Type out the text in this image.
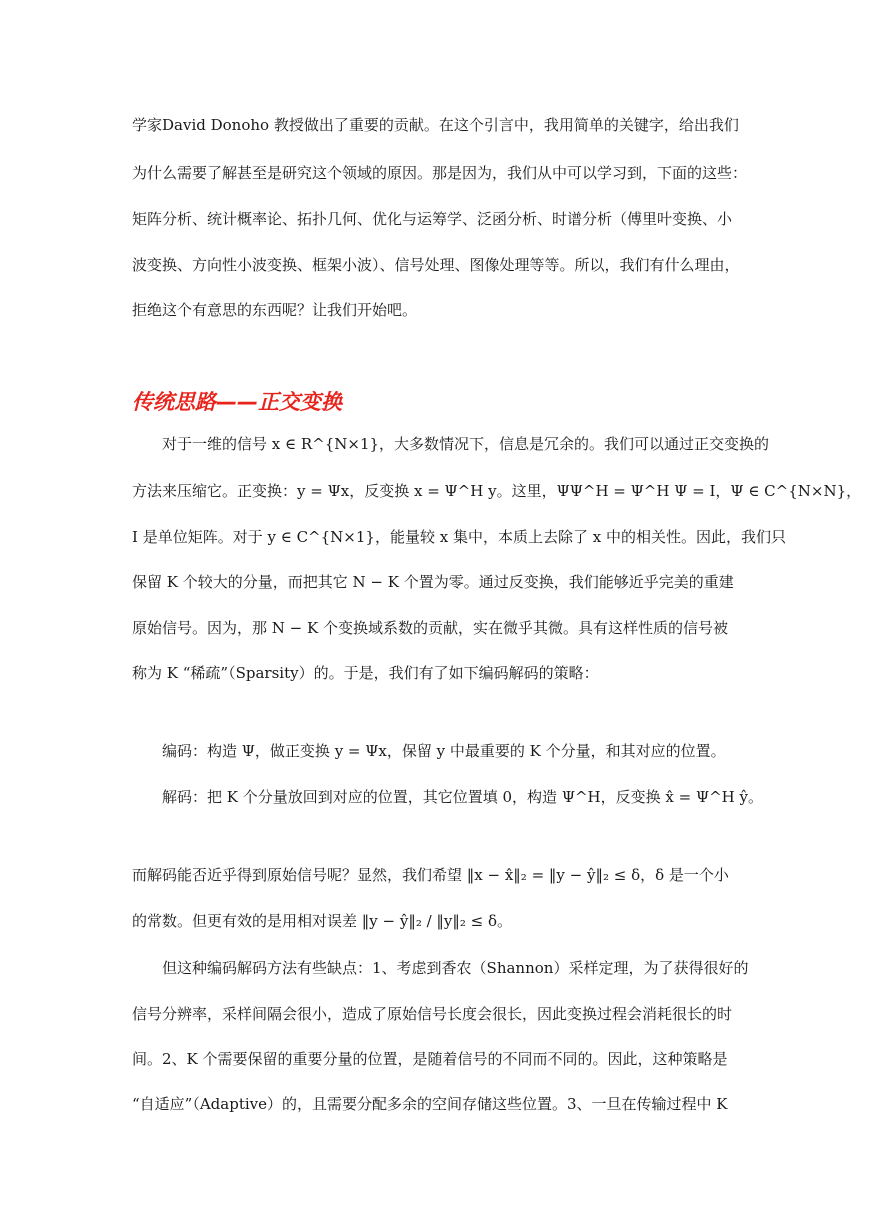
学家David Donoho 教授做出了重要的贡献。在这个引言中，我用简单的关键字，给出我们
为什么需要了解甚至是研究这个领域的原因。那是因为，我们从中可以学习到，下面的这些：
矩阵分析、统计概率论、拓扑几何、优化与运筹学、泛函分析、时谱分析（傅里叶变换、小
波变换、方向性小波变换、框架小波）、信号处理、图像处理等等。所以，我们有什么理由，
拒绝这个有意思的东西呢？让我们开始吧。
传统思路——正交变换
对于一维的信号 x ∈ R^{N×1}，大多数情况下，信息是冗余的。我们可以通过正交变换的
方法来压缩它。正变换：y = Ψx，反变换 x = Ψ^H y。这里，ΨΨ^H = Ψ^H Ψ = I，Ψ ∈ C^{N×N}，
I 是单位矩阵。对于 y ∈ C^{N×1}，能量较 x 集中，本质上去除了 x 中的相关性。因此，我们只
保留 K 个较大的分量，而把其它 N − K 个置为零。通过反变换，我们能够近乎完美的重建
原始信号。因为，那 N − K 个变换域系数的贡献，实在微乎其微。具有这样性质的信号被
称为 K “稀疏”（Sparsity）的。于是，我们有了如下编码解码的策略：
编码：构造 Ψ，做正变换 y = Ψx，保留 y 中最重要的 K 个分量，和其对应的位置。
解码：把 K 个分量放回到对应的位置，其它位置填 0，构造 Ψ^H，反变换 x̂ = Ψ^H ŷ。
而解码能否近乎得到原始信号呢？显然，我们希望 ‖x − x̂‖₂ = ‖y − ŷ‖₂ ≤ δ，δ 是一个小
的常数。但更有效的是用相对误差 ‖y − ŷ‖₂ / ‖y‖₂ ≤ δ。
但这种编码解码方法有些缺点：1、考虑到香农（Shannon）采样定理，为了获得很好的
信号分辨率，采样间隔会很小，造成了原始信号长度会很长，因此变换过程会消耗很长的时
间。2、K 个需要保留的重要分量的位置，是随着信号的不同而不同的。因此，这种策略是
“自适应”（Adaptive）的，且需要分配多余的空间存储这些位置。3、一旦在传输过程中 K
